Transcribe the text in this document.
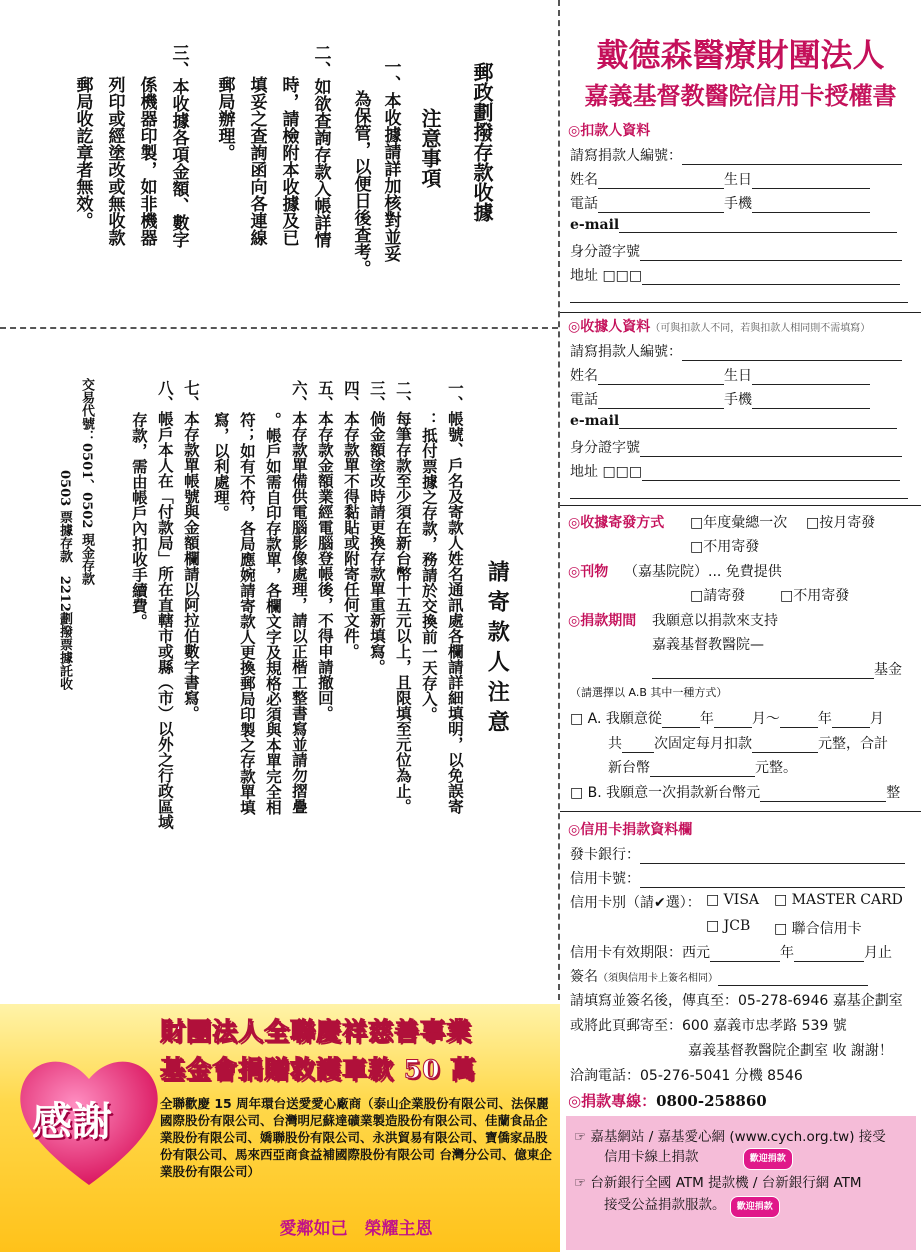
郵政劃撥存款收據
注意事項
一、本收據請詳加核對並妥
為保管，以便日後查考。
二、如欲查詢存款入帳詳情
時，請檢附本收據及已
填妥之查詢函向各連線
郵局辦理。
三、本收據各項金額、數字
係機器印製，如非機器
列印或經塗改或無收款
郵局收訖章者無效。
請寄款人注意
一、帳號、戶名及寄款人姓名通訊處各欄請詳細填明，以免誤寄
：抵付票據之存款，務請於交換前一天存入。
二、每筆存款至少須在新台幣十五元以上，且限填至元位為止。
三、倘金額塗改時請更換存款單重新填寫。
四、本存款單不得黏貼或附寄任何文件。
五、本存款金額業經電腦登帳後，不得申請撤回。
六、本存款單備供電腦影像處理，請以正楷工整書寫並請勿摺疊
。帳戶如需自印存款單，各欄文字及規格必須與本單完全相
符；如有不符，各局應婉請寄款人更換郵局印製之存款單填
寫，以利處理。
七、本存款單帳號與金額欄請以阿拉伯數字書寫。
八、帳戶本人在「付款局」所在直轄市或縣（市）以外之行政區域
存款，需由帳戶內扣收手續費。
交易代號：0501、0502 現金存款
0503 票據存款　2212劃撥票據託收
戴德森醫療財團法人
嘉義基督教醫院信用卡授權書
◎扣款人資料
請寫捐款人編號：
姓名	生日
電話	手機
e-mail
身分證字號
地址 □□□
◎收據人資料（可與扣款人不同，若與扣款人相同則不需填寫）
請寫捐款人編號：
姓名	生日
電話	手機
e-mail
身分證字號
地址 □□□
◎收據寄發方式 □年度彙總一次 □按月寄發
□不用寄發
◎刊物 （嘉基院院）... 免費提供
□請寄發 □不用寄發
◎捐款期間 我願意以捐款來支持
嘉義基督教醫院—
基金
（請選擇以 A.B 其中一種方式）
□ A. 我願意從	年	月～	年	月
共 次固定每月扣款	元整，合計
新台幣	元整。
□ B. 我願意一次捐款新台幣元	整
◎信用卡捐款資料欄
發卡銀行：
信用卡號：
信用卡別（請✔選）： □ VISA □ MASTER CARD
□ JCB □ 聯合信用卡
信用卡有效期限：西元	年	月止
簽名（須與信用卡上簽名相同）
請填寫並簽名後，傳真至：05-278-6946 嘉基企劃室
或將此頁郵寄至：600 嘉義市忠孝路 539 號
嘉義基督教醫院企劃室 收 謝謝！
洽詢電話：05-276-5041 分機 8546
◎捐款專線：0800-258860
☞ 嘉基網站 / 嘉基愛心網 (www.cych.org.tw) 接受
信用卡線上捐款	歡迎捐款
☞ 台新銀行全國 ATM 提款機 / 台新銀行網 ATM
接受公益捐款服款。 歡迎捐款
感謝
財團法人全聯慶祥慈善事業
基金會捐贈救護車款 50 萬
全聯歡慶 15 周年環台送愛愛心廠商（泰山企業股份有限公司、法保麗國際股份有限公司、台灣明尼蘇達礦業製造股份有限公司、佳蘭食品企業股份有限公司、嬌聯股份有限公司、永洪貿易有限公司、寶僑家品股份有限公司、馬來西亞商食益補國際股份有限公司 台灣分公司、億東企業股份有限公司）
愛鄰如己　榮耀主恩
